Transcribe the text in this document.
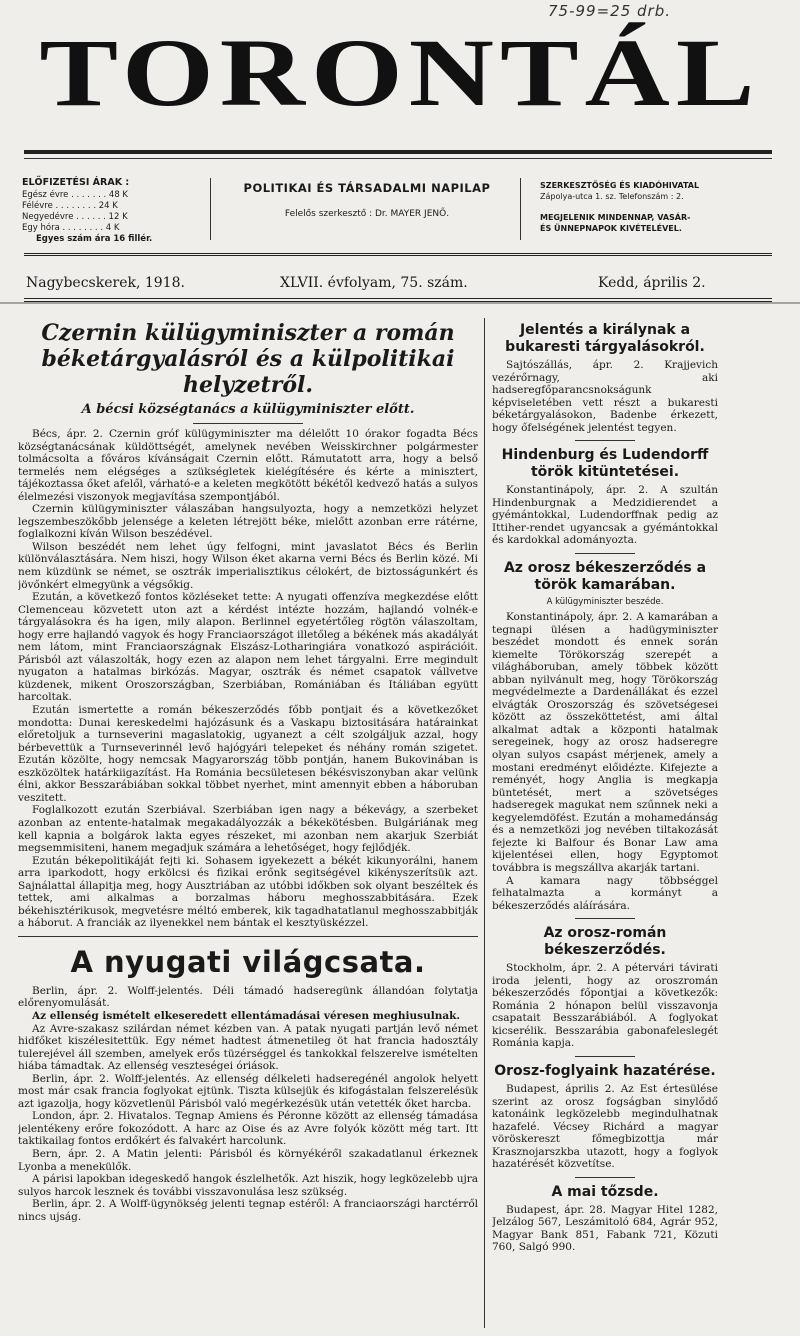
75-99=25 drb.
TORONTÁL
ELŐFIZETÉSI ÁRAK :
Egész évre . . . . . . . 48 K
Félévre . . . . . . . . 24 K
Negyedévre . . . . . . 12 K
Egy hóra . . . . . . . . 4 K
Egyes szám ára 16 fillér.
POLITIKAI ÉS TÁRSADALMI NAPILAP
Felelős szerkesztő : Dr. MAYER JENŐ.
SZERKESZTŐSÉG ÉS KIADÓHIVATAL
Zápolya-utca 1. sz. Telefonszám : 2.
MEGJELENIK MINDENNAP, VASÁR-
ÉS ÜNNEPNAPOK KIVÉTELÉVEL.
Nagybecskerek, 1918.	XLVII. évfolyam, 75. szám.	Kedd, április 2.
Czernin külügyminiszter a román béketárgyalásról és a külpolitikai helyzetről.
A bécsi községtanács a külügyminiszter előtt.

Bécs, ápr. 2. Czernin gróf külügyminiszter ma délelőtt 10 órakor fogadta Bécs községtanácsának küldöttségét, amelynek nevében Weisskirchner polgármester tolmácsolta a főváros kívánságait Czernin előtt. Rámutatott arra, hogy a belső termelés nem elégséges a szükségletek kielégítésére és kérte a minisztert, tájékoztassa őket afelől, várható-e a keleten megkötött békétől kedvező hatás a sulyos élelmezési viszonyok megjavítása szempontjából.

Czernin külügyminiszter válaszában hangsulyozta, hogy a nemzetközi helyzet legszembeszökőbb jelensége a keleten létrejött béke, mielőtt azonban erre rátérne, foglalkozni kíván Wilson beszédével.

Wilson beszédét nem lehet úgy felfogni, mint javaslatot Bécs és Berlin különválasztására. Nem hiszi, hogy Wilson éket akarna verni Bécs és Berlin közé. Mi nem küzdünk se német, se osztrák imperialisztikus célokért, de biztosságunkért és jövőnkért elmegyünk a végsőkig.

Ezután, a következő fontos közléseket tette: A nyugati offenzíva megkezdése előtt Clemenceau közvetett uton azt a kérdést intézte hozzám, hajlandó volnék-e tárgyalásokra és ha igen, mily alapon. Berlinnel egyetértőleg rögtön válaszoltam, hogy erre hajlandó vagyok és hogy Franciaországot illetőleg a békének más akadályát nem látom, mint Franciaországnak Elszász-Lotharingiára vonatkozó aspirációit. Párisból azt válaszolták, hogy ezen az alapon nem lehet tárgyalni. Erre megindult nyugaton a hatalmas birkózás. Magyar, osztrák és német csapatok vállvetve küzdenek, mikent Oroszországban, Szerbiában, Romániában és Itáliában együtt harcoltak.

Ezután ismertette a román békeszerződés főbb pontjait és a következőket mondotta: Dunai kereskedelmi hajózásunk és a Vaskapu biztositására határainkat előretoljuk a turnseverini magaslatokig, ugyanezt a célt szolgáljuk azzal, hogy bérbevettük a Turnseverinnél levő hajógyári telepeket és néhány román szigetet. Ezután közölte, hogy nemcsak Magyarország több pontján, hanem Bukovinában is eszközöltek határkiigazítást. Ha Románia becsületesen békésviszonyban akar velünk élni, akkor Besszarábiában sokkal többet nyerhet, mint amennyit ebben a háboruban veszitett.

Foglalkozott ezután Szerbiával. Szerbiában igen nagy a békevágy, a szerbeket azonban az entente-hatalmak megakadályozzák a békekötésben. Bulgáriának meg kell kapnia a bolgárok lakta egyes részeket, mi azonban nem akarjuk Szerbiát megsemmisiteni, hanem megadjuk számára a lehetőséget, hogy fejlődjék.

Ezután békepolitikáját fejti ki. Sohasem igyekezett a békét kikunyorálni, hanem arra iparkodott, hogy erkölcsi és fizikai erőnk segitségével kikényszerítsük azt. Sajnálattal állapitja meg, hogy Ausztriában az utóbbi időkben sok olyant beszéltek és tettek, ami alkalmas a borzalmas háboru meghosszabbitására. Ezek békehisztérikusok, megvetésre méltó emberek, kik tagadhatatlanul meghosszabbitják a háborut. A franciák az ilyenekkel nem bántak el kesztyüskézzel.

A nyugati világcsata.

Berlin, ápr. 2. Wolff-jelentés. Déli támadó hadseregünk állandóan folytatja előrenyomulását.

Az ellenség ismételt elkeseredett ellentámadásai véresen meghiusulnak.

Az Avre-szakasz szilárdan német kézben van. A patak nyugati partján levő német hidfőket kiszélesitettük. Egy német hadtest átmenetileg öt hat francia hadosztály tulerejével áll szemben, amelyek erős tüzérséggel és tankokkal felszerelve ismételten hiába támadtak. Az ellenség veszteségei óriások.

Berlin, ápr. 2. Wolff-jelentés. Az ellenség délkeleti hadseregénél angolok helyett most már csak francia foglyokat ejtünk. Tiszta külsejük és kifogástalan felszerelésük azt igazolja, hogy közvetlenül Párisból való megérkezésük után vetették őket harcba.

London, ápr. 2. Hivatalos. Tegnap Amiens és Péronne között az ellenség támadása jelentékeny erőre fokozódott. A harc az Oise és az Avre folyók között még tart. Itt taktikailag fontos erdőkért és falvakért harcolunk.

Bern, ápr. 2. A Matin jelenti: Párisból és környékéről szakadatlanul érkeznek Lyonba a menekülők.

A párisi lapokban idegeskedő hangok észlelhetők. Azt hiszik, hogy legközelebb ujra sulyos harcok lesznek és további visszavonulása lesz szükség.

Berlin, ápr. 2. A Wolff-ügynökség jelenti tegnap estéről: A franciaországi harctérről nincs ujság.

Jelentés a királynak a bukaresti tárgyalásokról.

Sajtószállás, ápr. 2. Krajjevich vezérőrnagy, aki hadseregfőparancsnokságunk képviseletében vett részt a bukaresti béketárgyalásokon, Badenbe érkezett, hogy őfelségének jelentést tegyen.

Hindenburg és Ludendorff török kitüntetései.

Konstantinápoly, ápr. 2. A szultán Hindenburgnak a Medzidierendet a gyémántokkal, Ludendorffnak pedig az Ittiher-rendet ugyancsak a gyémántokkal és kardokkal adományozta.

Az orosz békeszerződés a török kamarában.
A külügyminiszter beszéde.

Konstantinápoly, ápr. 2. A kamarában a tegnapi ülésen a hadügyminiszter beszédet mondott és ennek során kiemelte Törökország szerepét a világháboruban, amely többek között abban nyilvánult meg, hogy Törökország megvédelmezte a Dardenállákat és ezzel elvágták Oroszország és szövetségesei között az összeköttetést, ami által alkalmat adtak a központi hatalmak seregeinek, hogy az orosz hadseregre olyan sulyos csapást mérjenek, amely a mostani eredményt előidézte. Kifejezte a reményét, hogy Anglia is megkapja büntetését, mert a szövetséges hadseregek magukat nem szűnnek neki a kegyelemdöfést. Ezután a mohamedánság és a nemzetközi jog nevében tiltakozását fejezte ki Balfour és Bonar Law ama kijelentései ellen, hogy Egyptomot továbbra is megszállva akarják tartani.

A kamara nagy többséggel felhatalmazta a kormányt a békeszerződés aláírására.

Az orosz-román békeszerződés.

Stockholm, ápr. 2. A pétervári távirati iroda jelenti, hogy az oroszromán békeszerződés főpontjai a következők: Románia 2 hónapon belül visszavonja csapatait Besszarábiából. A foglyokat kicserélik. Besszarábia gabonafeleslegét Románia kapja.

Orosz-foglyaink hazatérése.

Budapest, április 2. Az Est értesülése szerint az orosz fogságban sinylődő katonáink legközelebb megindulhatnak hazafelé. Vécsey Richárd a magyar vöröskereszt főmegbizottja már Krasznojarszkba utazott, hogy a foglyok hazatérését közvetítse.

A mai tőzsde.

Budapest, ápr. 28. Magyar Hitel 1282, Jelzálog 567, Leszámitoló 684, Agrár 952, Magyar Bank 851, Fabank 721, Közuti 760, Salgó 990.
